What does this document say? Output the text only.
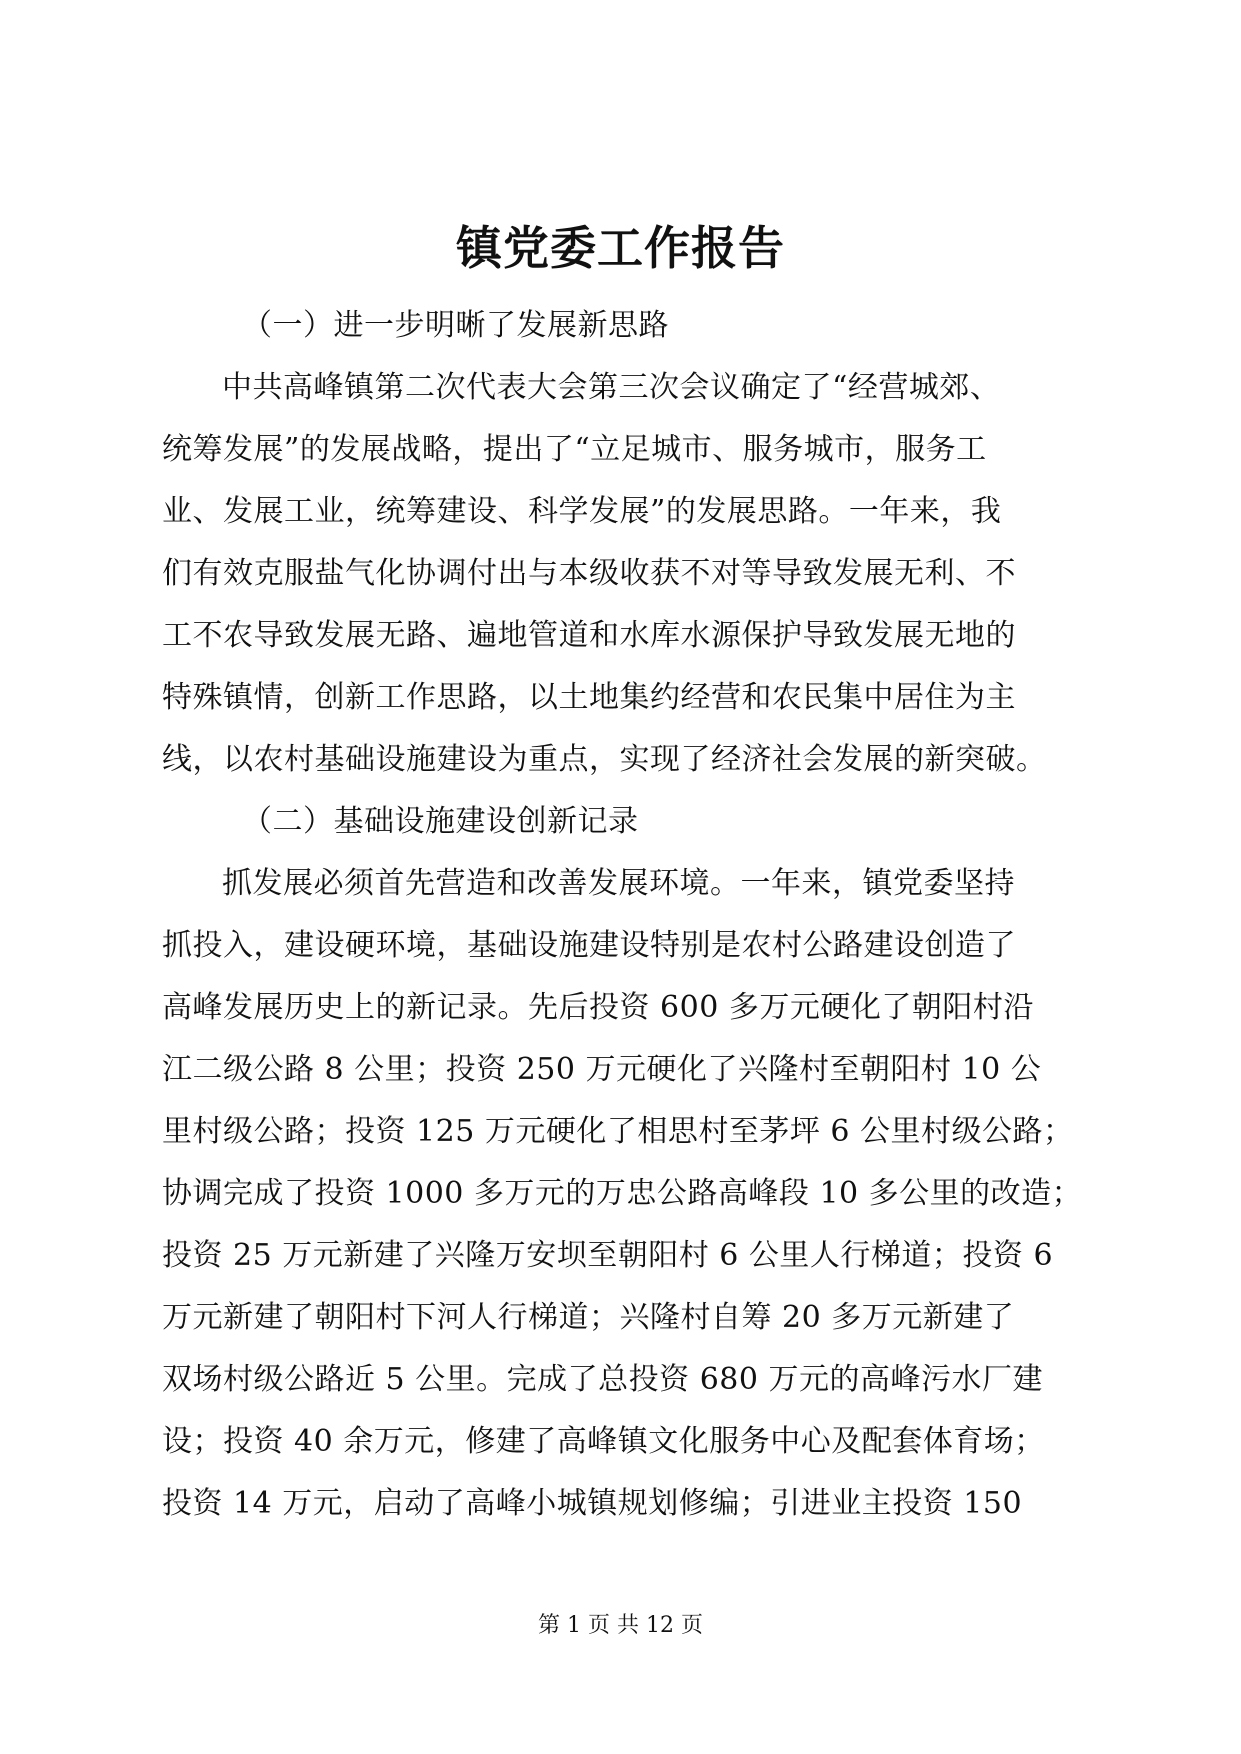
镇党委工作报告
（一）进一步明晰了发展新思路
中共高峰镇第二次代表大会第三次会议确定了“经营城郊、
统筹发展”的发展战略，提出了“立足城市、服务城市，服务工
业、发展工业，统筹建设、科学发展”的发展思路。一年来，我
们有效克服盐气化协调付出与本级收获不对等导致发展无利、不
工不农导致发展无路、遍地管道和水库水源保护导致发展无地的
特殊镇情，创新工作思路，以土地集约经营和农民集中居住为主
线，以农村基础设施建设为重点，实现了经济社会发展的新突破。
（二）基础设施建设创新记录
抓发展必须首先营造和改善发展环境。一年来，镇党委坚持
抓投入，建设硬环境，基础设施建设特别是农村公路建设创造了
高峰发展历史上的新记录。先后投资 600 多万元硬化了朝阳村沿
江二级公路 8 公里；投资 250 万元硬化了兴隆村至朝阳村 10 公
里村级公路；投资 125 万元硬化了相思村至茅坪 6 公里村级公路；
协调完成了投资 1000 多万元的万忠公路高峰段 10 多公里的改造；
投资 25 万元新建了兴隆万安坝至朝阳村 6 公里人行梯道；投资 6
万元新建了朝阳村下河人行梯道；兴隆村自筹 20 多万元新建了
双场村级公路近 5 公里。完成了总投资 680 万元的高峰污水厂建
设；投资 40 余万元，修建了高峰镇文化服务中心及配套体育场；
投资 14 万元，启动了高峰小城镇规划修编；引进业主投资 150
第 1 页 共 12 页
